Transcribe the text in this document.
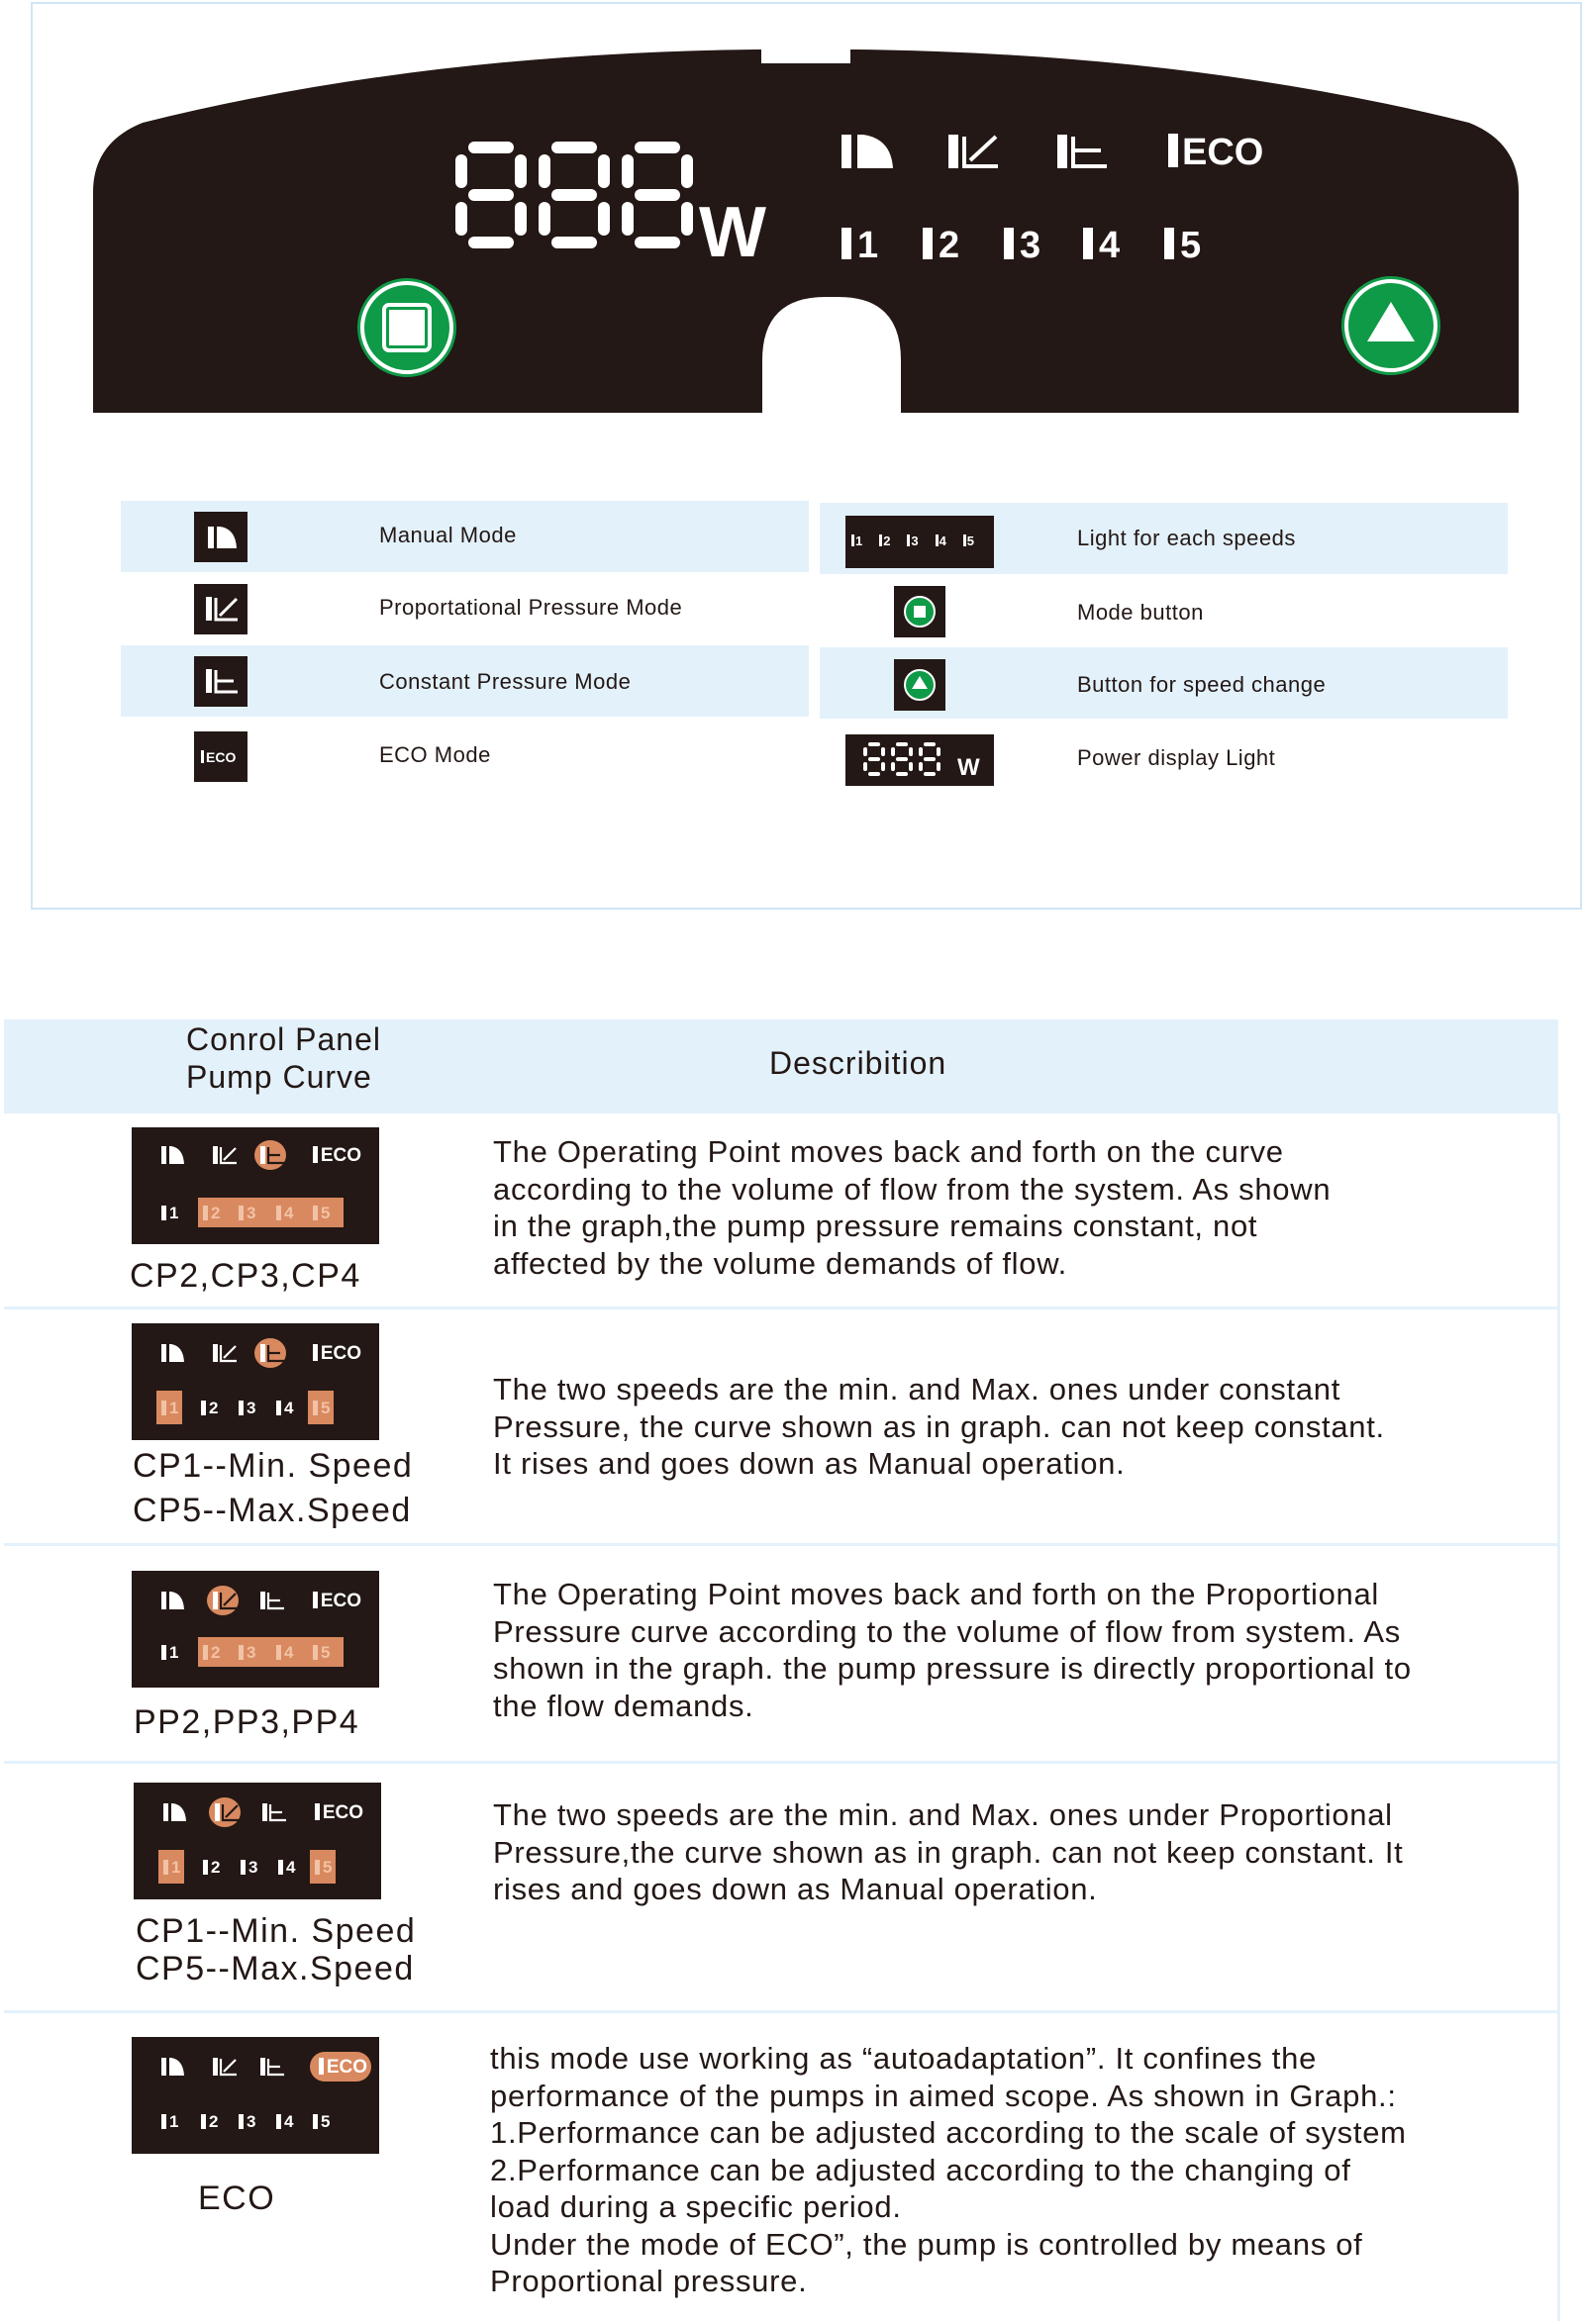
W
ECO
1	2	3	4	5
ECO
Manual Mode
Proportational Pressure Mode
Constant Pressure Mode
ECO Mode
1 2 3 4 5
W
Light for each speeds
Mode button
Button for speed change
Power display Light
Conrol Panel
Pump Curve	Describition
ECO
1	2	3	4	5
CP2,CP3,CP4
The Operating Point moves back and forth on the curve
according to the volume of flow from the system. As shown
in the graph,the pump pressure remains constant, not
affected by the volume demands of flow.
ECO
1	2	3	4	5
CP1--Min. Speed
CP5--Max.Speed
The two speeds are the min. and Max. ones under constant
Pressure, the curve shown as in graph. can not keep constant.
It rises and goes down as Manual operation.
ECO
1	2	3	4	5
PP2,PP3,PP4
The Operating Point moves back and forth on the Proportional
Pressure curve according to the volume of flow from system. As
shown in the graph. the pump pressure is directly proportional to
the flow demands.
ECO
1	2	3	4	5
CP1--Min. Speed
CP5--Max.Speed
The two speeds are the min. and Max. ones under Proportional
Pressure,the curve shown as in graph. can not keep constant. It
rises and goes down as Manual operation.
ECO
1	2	3	4	5
ECO
this mode use working as “autoadaptation”. It confines the
performance of the pumps in aimed scope. As shown in Graph.:
1.Performance can be adjusted according to the scale of system
2.Performance can be adjusted according to the changing of
load during a specific period.
Under the mode of ECO”, the pump is controlled by means of
Proportional pressure.
